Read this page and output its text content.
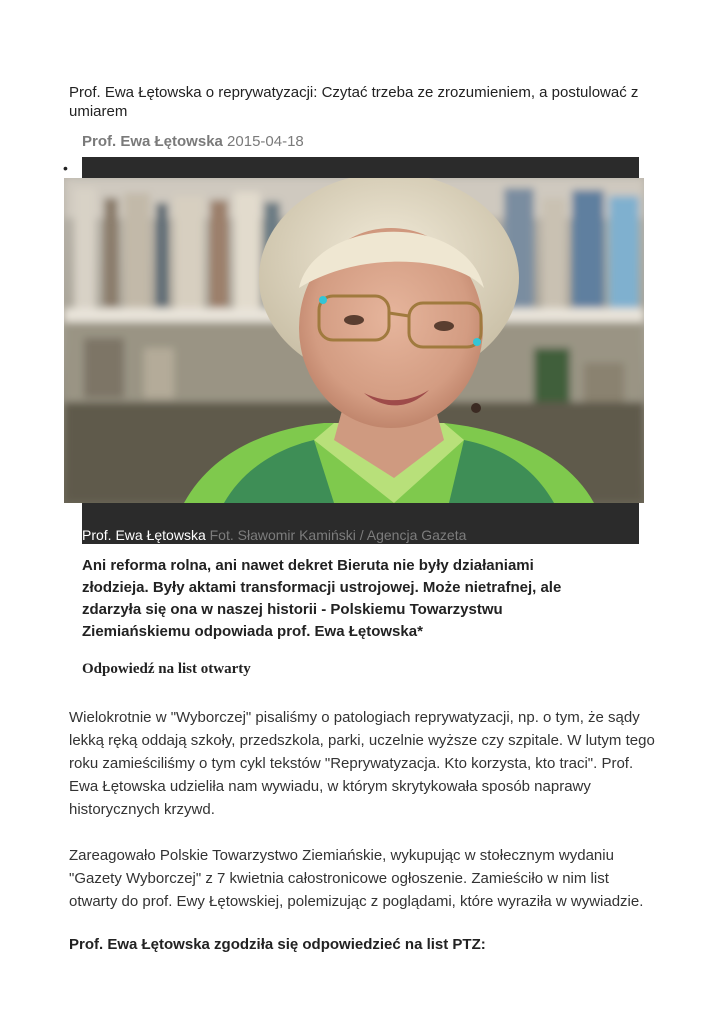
Prof. Ewa Łętowska o reprywatyzacji: Czytać trzeba ze zrozumieniem, a postulować z umiarem
Prof. Ewa Łętowska 2015-04-18
•
Prof. Ewa Łętowska Fot. Sławomir Kamiński / Agencja Gazeta

Ani reforma rolna, ani nawet dekret Bieruta nie były działaniami złodzieja. Były aktami transformacji ustrojowej. Może nietrafnej, ale zdarzyła się ona w naszej historii - Polskiemu Towarzystwu Ziemiańskiemu odpowiada prof. Ewa Łętowska*

Odpowiedź na list otwarty

Wielokrotnie w "Wyborczej" pisaliśmy o patologiach reprywatyzacji, np. o tym, że sądy lekką ręką oddają szkoły, przedszkola, parki, uczelnie wyższe czy szpitale. W lutym tego roku zamieściliśmy o tym cykl tekstów "Reprywatyzacja. Kto korzysta, kto traci". Prof. Ewa Łętowska udzieliła nam wywiadu, w którym skrytykowała sposób naprawy historycznych krzywd.

Zareagowało Polskie Towarzystwo Ziemiańskie, wykupując w stołecznym wydaniu "Gazety Wyborczej" z 7 kwietnia całostronicowe ogłoszenie. Zamieściło w nim list otwarty do prof. Ewy Łętowskiej, polemizując z poglądami, które wyraziła w wywiadzie.

Prof. Ewa Łętowska zgodziła się odpowiedzieć na list PTZ:
